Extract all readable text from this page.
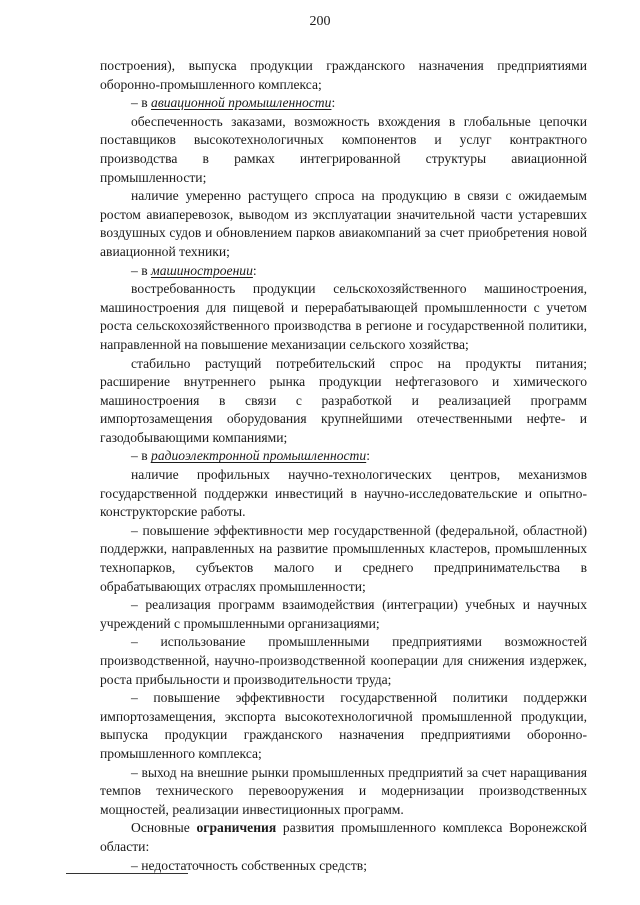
200

построения), выпуска продукции гражданского назначения предприятиями оборонно-промышленного комплекса;

– в авиационной промышленности:

обеспеченность заказами, возможность вхождения в глобальные цепочки поставщиков высокотехнологичных компонентов и услуг контрактного производства в рамках интегрированной структуры авиационной промышленности;

наличие умеренно растущего спроса на продукцию в связи с ожидаемым ростом авиаперевозок, выводом из эксплуатации значительной части устаревших воздушных судов и обновлением парков авиакомпаний за счет приобретения новой авиационной техники;

– в машиностроении:

востребованность продукции сельскохозяйственного машиностроения, машиностроения для пищевой и перерабатывающей промышленности с учетом роста сельскохозяйственного производства в регионе и государственной политики, направленной на повышение механизации сельского хозяйства;

стабильно растущий потребительский спрос на продукты питания; расширение внутреннего рынка продукции нефтегазового и химического машиностроения в связи с разработкой и реализацией программ импортозамещения оборудования крупнейшими отечественными нефте- и газодобывающими компаниями;

– в радиоэлектронной промышленности:

наличие профильных научно-технологических центров, механизмов государственной поддержки инвестиций в научно-исследовательские и опытно-конструкторские работы.

– повышение эффективности мер государственной (федеральной, областной) поддержки, направленных на развитие промышленных кластеров, промышленных технопарков, субъектов малого и среднего предпринимательства в обрабатывающих отраслях промышленности;

– реализация программ взаимодействия (интеграции) учебных и научных учреждений с промышленными организациями;

– использование промышленными предприятиями возможностей производственной, научно-производственной кооперации для снижения издержек, роста прибыльности и производительности труда;

– повышение эффективности государственной политики поддержки импортозамещения, экспорта высокотехнологичной промышленной продукции, выпуска продукции гражданского назначения предприятиями оборонно-промышленного комплекса;

– выход на внешние рынки промышленных предприятий за счет наращивания темпов технического перевооружения и модернизации производственных мощностей, реализации инвестиционных программ.

Основные ограничения развития промышленного комплекса Воронежской области:

– недостаточность собственных средств;
